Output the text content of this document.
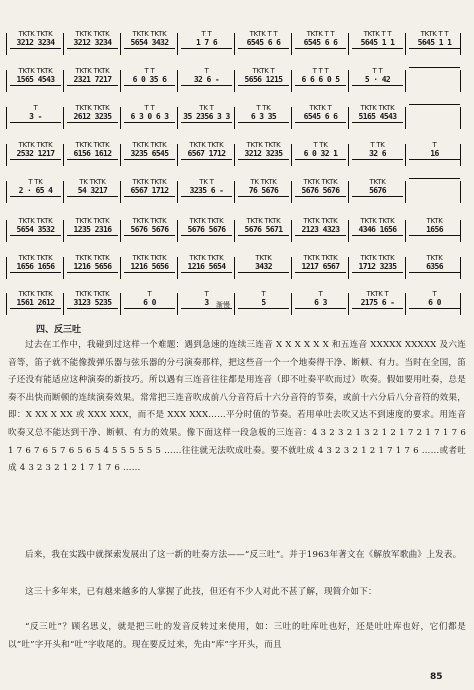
TKTK TKTK
3212 3234
TKTK TKTK
3212 3234
TKTK TKTK
5654 3432
T T
1 7 6
TKTK T T
6545 6 6
TKTK T T
6545 6 6
TKTK T T
5645 1 1
TKTK T T
5645 1 1
TKTK TKTK
1565 4543
TKTK TKTK
2321 7217
T T
6 0 35 6
T
32 6 -
TKTK T
5656 1215
T T T
6 6 6 0 5
T T
5 · 42
T
3 -
TKTK TKTK
2612 3235
T T
6 3 0 6 3
TK T
35 2356 3 3
T TK
6 3 35
TKTK T
6545 6 6
TKTK TKTK
5165 4543
TKTK TKTK
2532 1217
TKTK TKTK
6156 1612
TKTK TKTK
3235 6545
TKTK TKTK
6567 1712
TKTK TKTK
3212 3235
T TK
6 0 32 1
T TK
32 6
T
16
T TK
2 · 65 4
TK TKTK
54 3217
TKTK TKTK
6567 1712
TK T
3235 6 -
TK TKTK
76 5676
TKTK TKTK
5676 5676
TKTK
5676
TKTK TKTK
5654 3532
TKTK TKTK
1235 2316
TKTK TKTK
5676 5676
TKTK TKTK
5676 5676
TKTK TKTK
5676 5671
TKTK TKTK
2123 4323
TKTK TKTK
4346 1656
TKTK
1656
TKTK TKTK
1656 1656
TKTK TKTK
1216 5656
TKTK TKTK
1216 5656
TKTK TKTK
1216 5654
TKTK
3432
TKTK TKTK
1217 6567
TKTK TKTK
1712 3235
TKTK
6356
TKTK TKTK
1561 2612
TKTK TKTK
3123 5235
T
6 0
T
3
T
5
T
6 3
TKTK T
2175 6 -
T
6 0
渐慢
四、反三吐
过去在工作中，我碰到过这样一个难题：遇到急速的连续三连音 X X X X X X 和五连音 XXXXX XXXXX 及六连音等，笛子就不能像拨弹乐器与弦乐器的分弓演奏那样，把这些音一个一个地奏得干净、断顿、有力。当时在全国，笛子还没有能适应这种演奏的新技巧。所以遇有三连音往往都是用连音（即不吐奏平吹而过）吹奏。假如要用吐奏，总是奏不出快而断顿的连续演奏效果。常常把三连音吹成前八分音符后十六分音符的节奏，或前十六分后八分音符的效果，即：X XX X XX 或 XXX XXX，而不是 XXX XXX……平分时值的节奏。若用单吐去吹又达不到速度的要求。用连音吹奏又总不能达到干净、断顿、有力的效果。像下面这样一段急板的三连音：4 3 2 3 2 1 3 2 1 2 1 7 2 1 7 1 7 6 1 7 6 7 6 5 7 6 5 6 5 4 5 5 5 5 5 5 ……往往就无法吹成吐奏。要不就吐成 4 3 2 3 2 1 2 1 7 1 7 6 ……或者吐成 4 3 2 3 2 1 2 1 7 1 7 6 ……
后来，我在实践中就探索发展出了这一新的吐奏方法——“反三吐”。并于1963年著文在《解放军歌曲》上发表。
这三十多年来，已有越来越多的人掌握了此技，但还有不少人对此不甚了解，现简介如下：
“反三吐”？顾名思义，就是把三吐的发音反转过来使用，如：三吐的吐库吐也好，还是吐吐库也好，它们都是以“吐”字开头和“吐”字收尾的。现在要反过来，先由“库”字开头，而且
85
